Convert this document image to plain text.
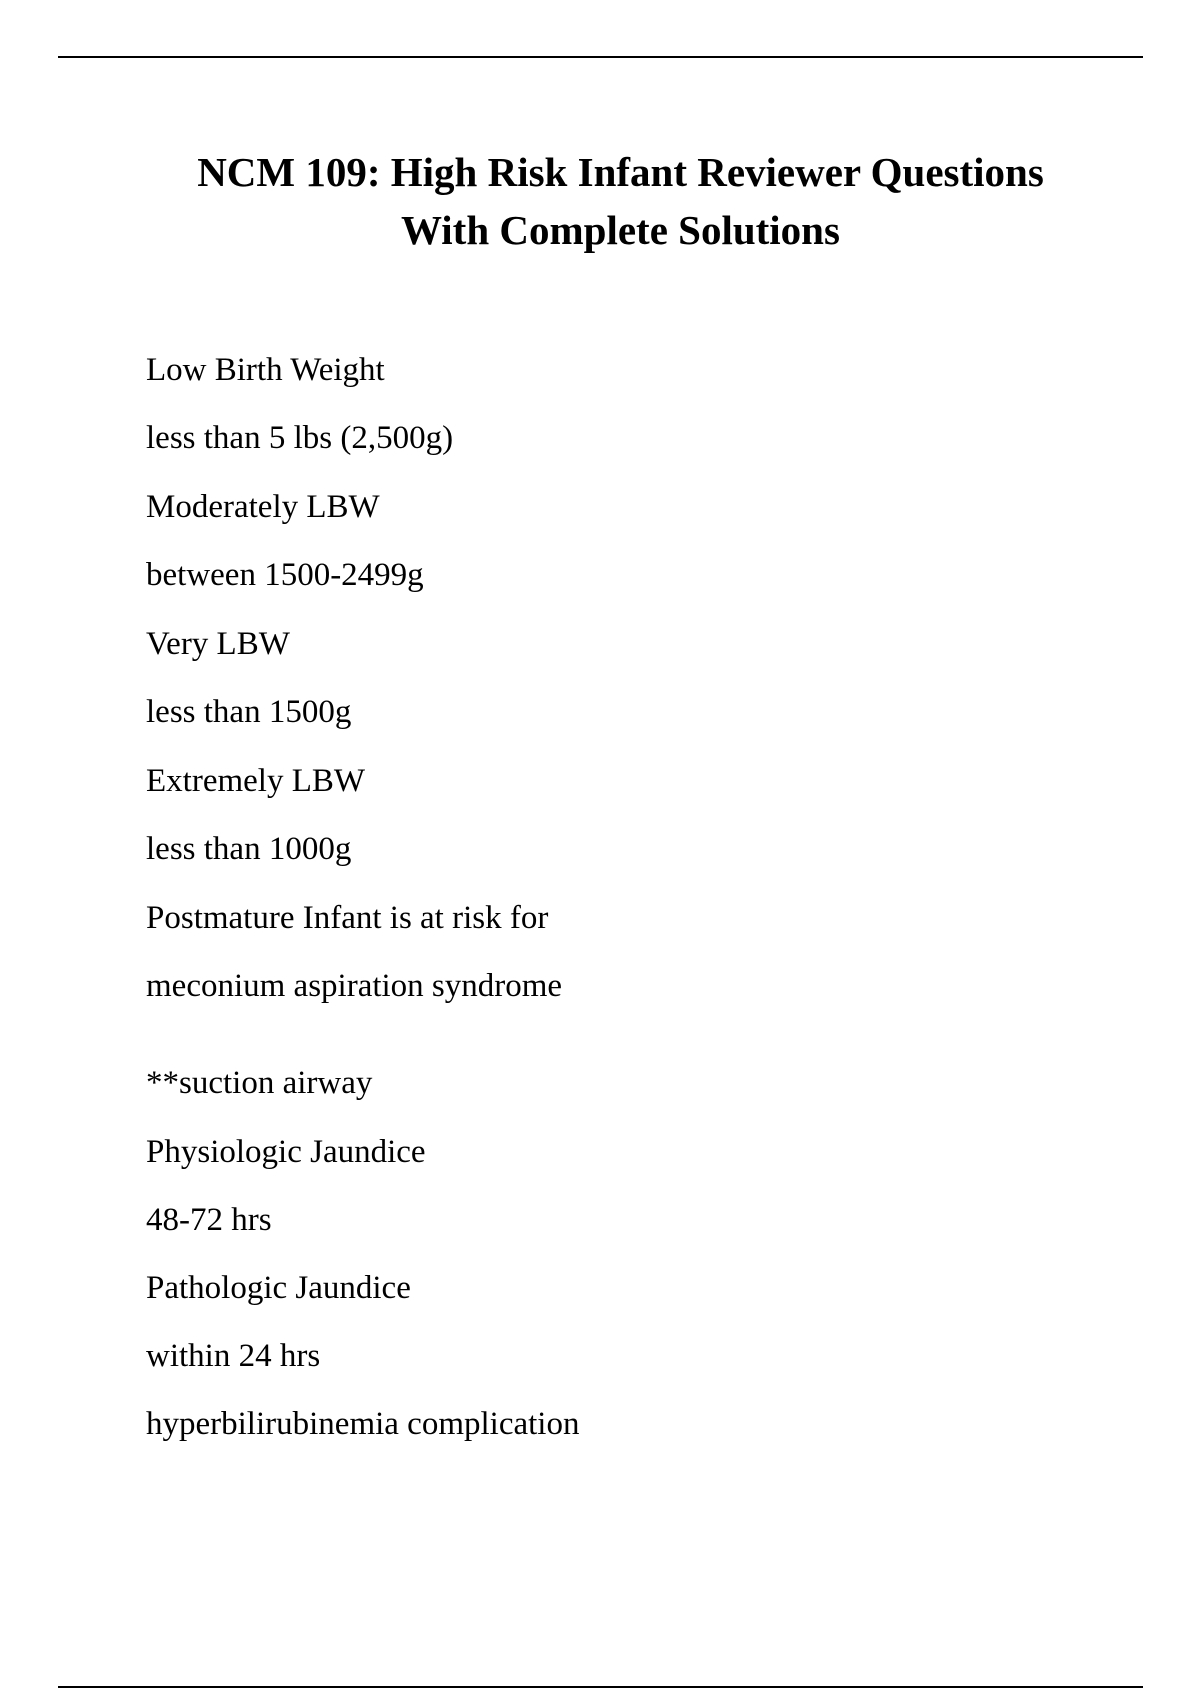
NCM 109: High Risk Infant Reviewer Questions
With Complete Solutions

Low Birth Weight

less than 5 lbs (2,500g)

Moderately LBW

between 1500-2499g

Very LBW

less than 1500g

Extremely LBW

less than 1000g

Postmature Infant is at risk for

meconium aspiration syndrome

**suction airway

Physiologic Jaundice

48-72 hrs

Pathologic Jaundice

within 24 hrs

hyperbilirubinemia complication
